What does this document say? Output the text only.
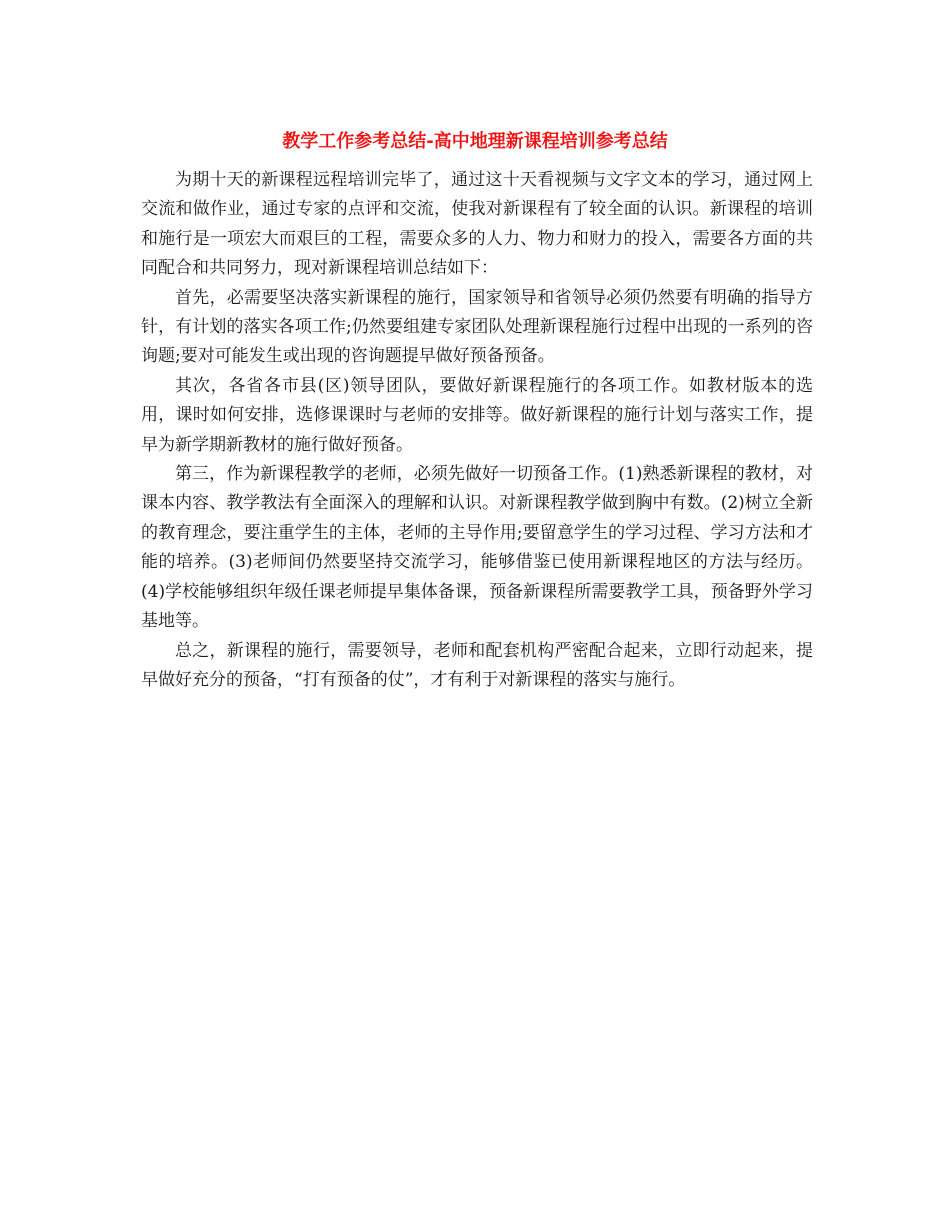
教学工作参考总结-高中地理新课程培训参考总结

为期十天的新课程远程培训完毕了，通过这十天看视频与文字文本的学习，通过网上交流和做作业，通过专家的点评和交流，使我对新课程有了较全面的认识。新课程的培训和施行是一项宏大而艰巨的工程，需要众多的人力、物力和财力的投入，需要各方面的共同配合和共同努力，现对新课程培训总结如下：

首先，必需要坚决落实新课程的施行，国家领导和省领导必须仍然要有明确的指导方针，有计划的落实各项工作;仍然要组建专家团队处理新课程施行过程中出现的一系列的咨询题;要对可能发生或出现的咨询题提早做好预备预备。

其次，各省各市县(区)领导团队，要做好新课程施行的各项工作。如教材版本的选用，课时如何安排，选修课课时与老师的安排等。做好新课程的施行计划与落实工作，提早为新学期新教材的施行做好预备。

第三，作为新课程教学的老师，必须先做好一切预备工作。(1)熟悉新课程的教材，对课本内容、教学教法有全面深入的理解和认识。对新课程教学做到胸中有数。(2)树立全新的教育理念，要注重学生的主体，老师的主导作用;要留意学生的学习过程、学习方法和才能的培养。(3)老师间仍然要坚持交流学习，能够借鉴已使用新课程地区的方法与经历。(4)学校能够组织年级任课老师提早集体备课，预备新课程所需要教学工具，预备野外学习基地等。

总之，新课程的施行，需要领导，老师和配套机构严密配合起来，立即行动起来，提早做好充分的预备，“打有预备的仗”，才有利于对新课程的落实与施行。
